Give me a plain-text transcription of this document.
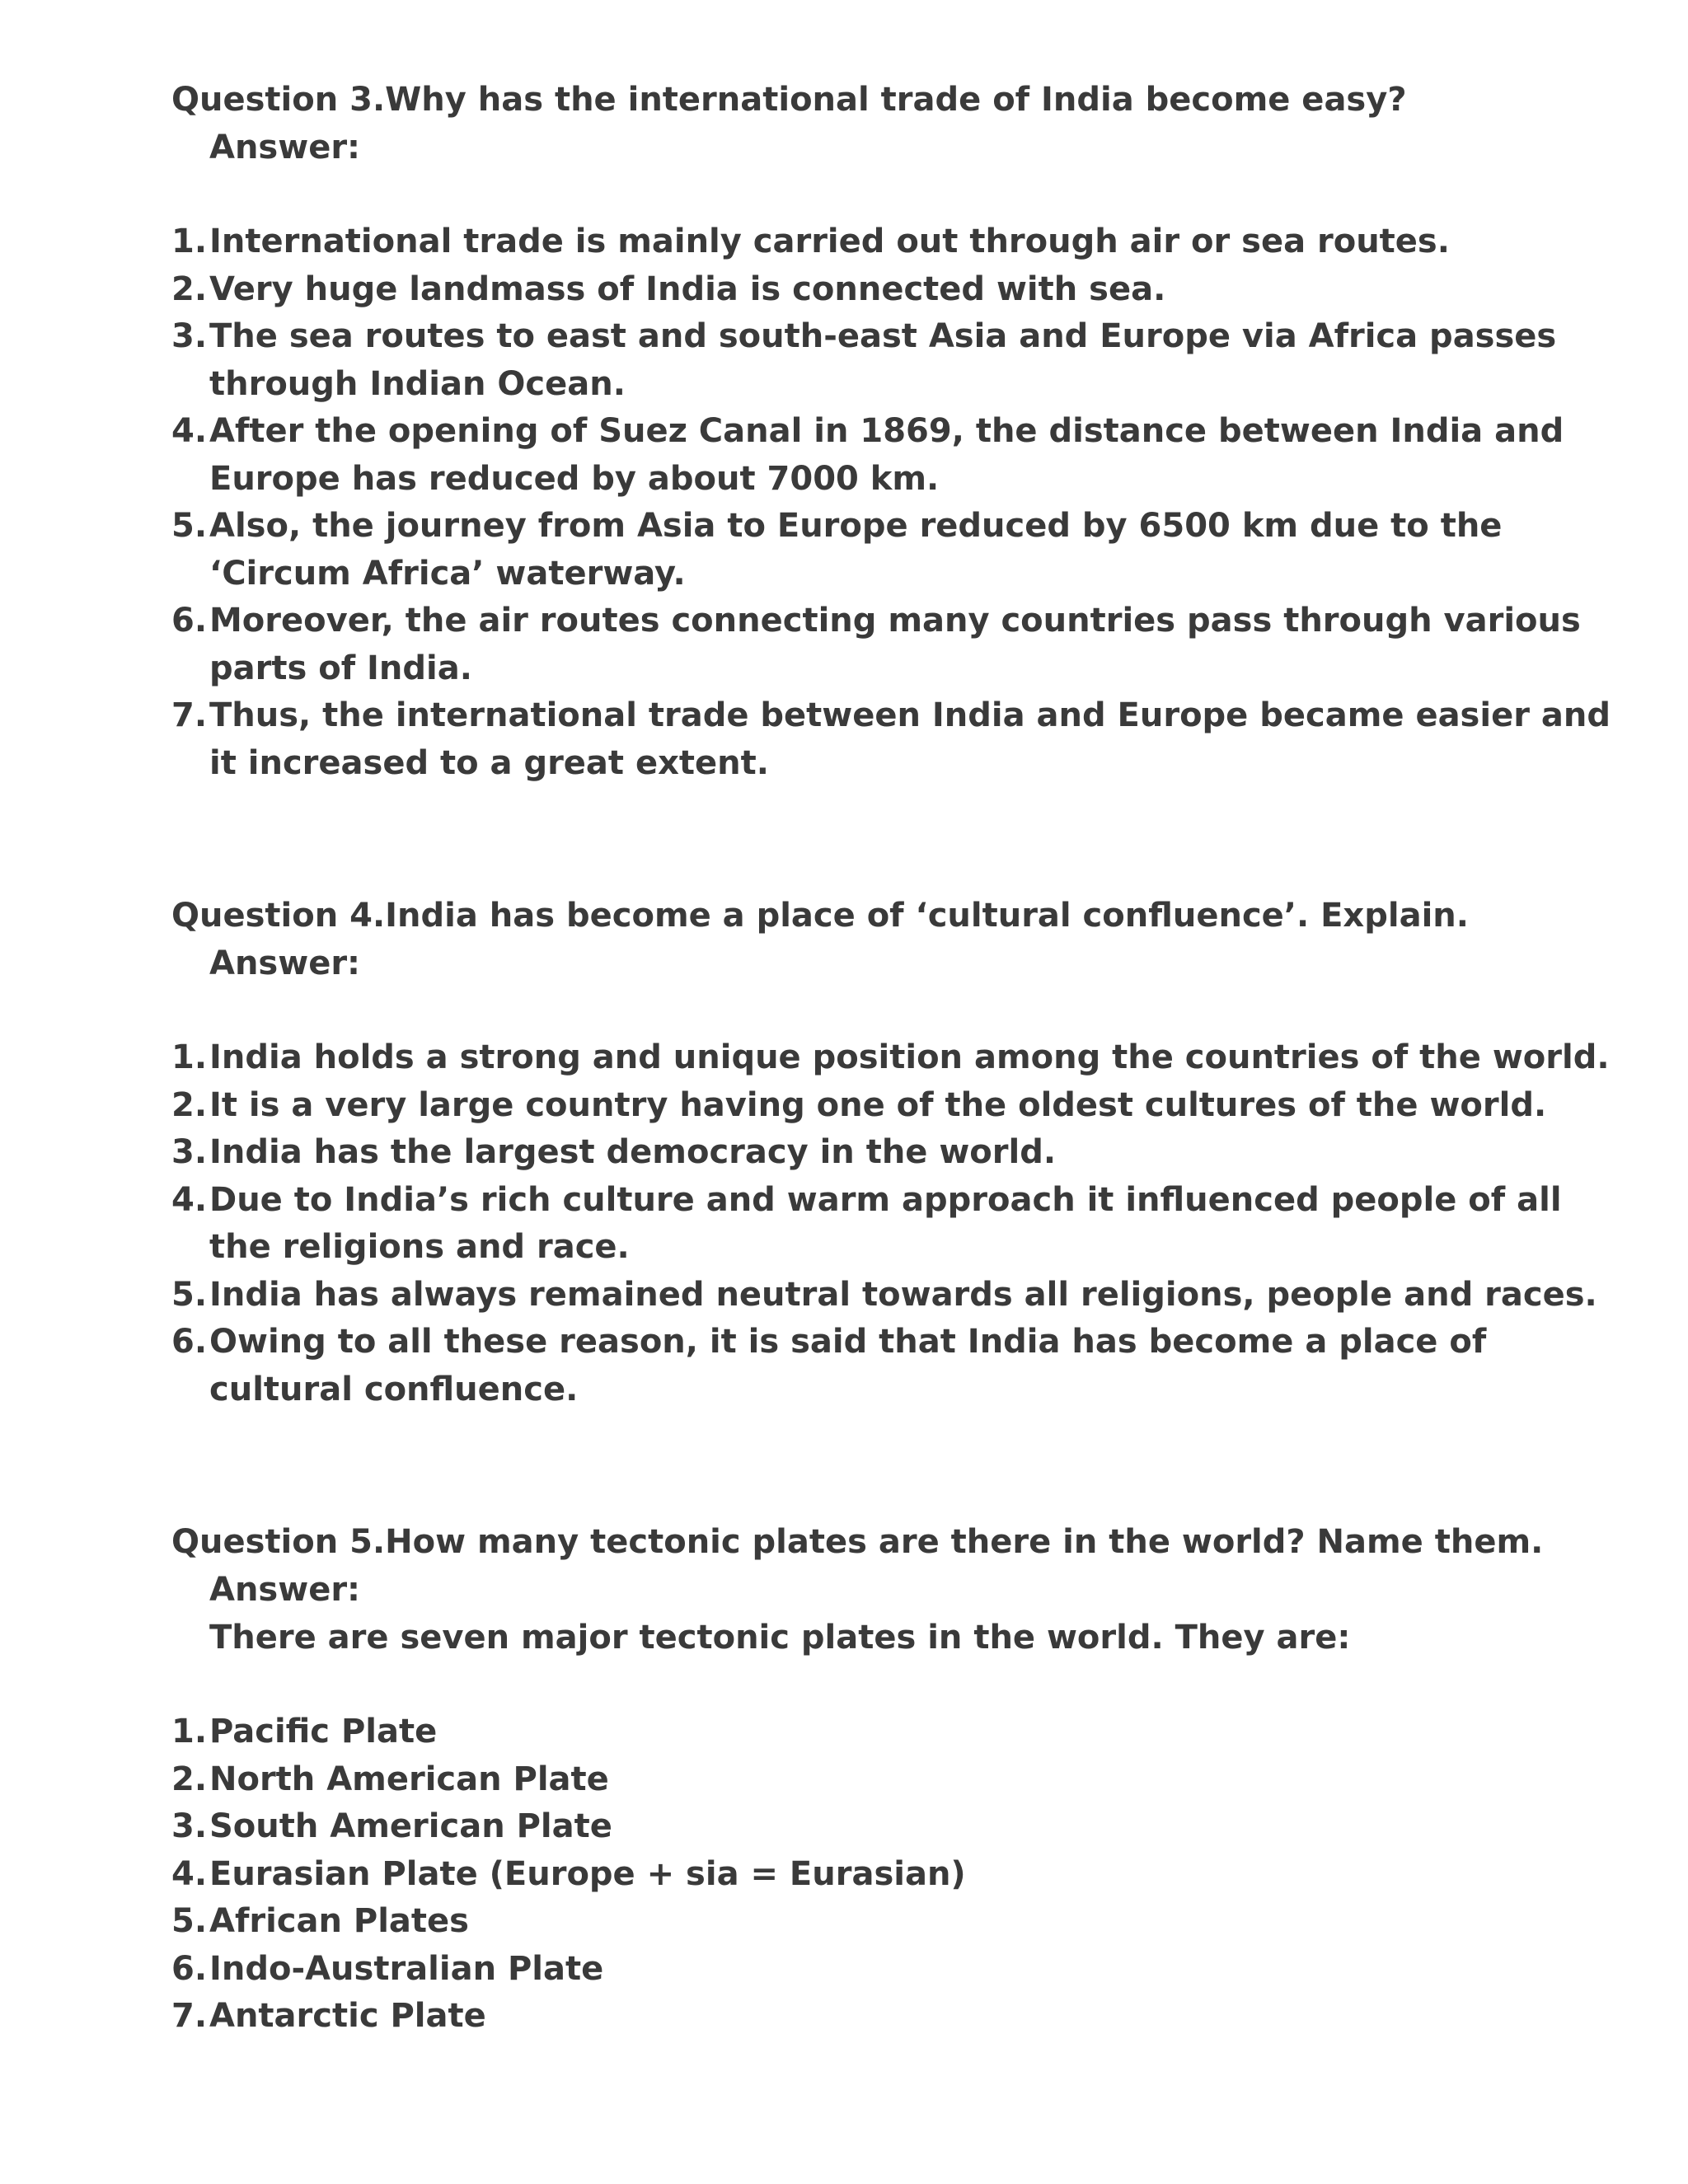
Question 3.Why has the international trade of India become easy?

Answer:

1. International trade is mainly carried out through air or sea routes.
2. Very huge landmass of India is connected with sea.
3. The sea routes to east and south-east Asia and Europe via Africa passes through Indian Ocean.
4. After the opening of Suez Canal in 1869, the distance between India and Europe has reduced by about 7000 km.
5. Also, the journey from Asia to Europe reduced by 6500 km due to the ‘Circum Africa’ waterway.
6. Moreover, the air routes connecting many countries pass through various parts of India.
7. Thus, the international trade between India and Europe became easier and it increased to a great extent.

Question 4.India has become a place of ‘cultural confluence’. Explain.

Answer:

1. India holds a strong and unique position among the countries of the world.
2. It is a very large country having one of the oldest cultures of the world.
3. India has the largest democracy in the world.
4. Due to India’s rich culture and warm approach it influenced people of all the religions and race.
5. India has always remained neutral towards all religions, people and races.
6. Owing to all these reason, it is said that India has become a place of cultural confluence.

Question 5.How many tectonic plates are there in the world? Name them.

Answer:

There are seven major tectonic plates in the world. They are:

1. Pacific Plate
2. North American Plate
3. South American Plate
4. Eurasian Plate (Europe + sia = Eurasian)
5. African Plates
6. Indo-Australian Plate
7. Antarctic Plate
